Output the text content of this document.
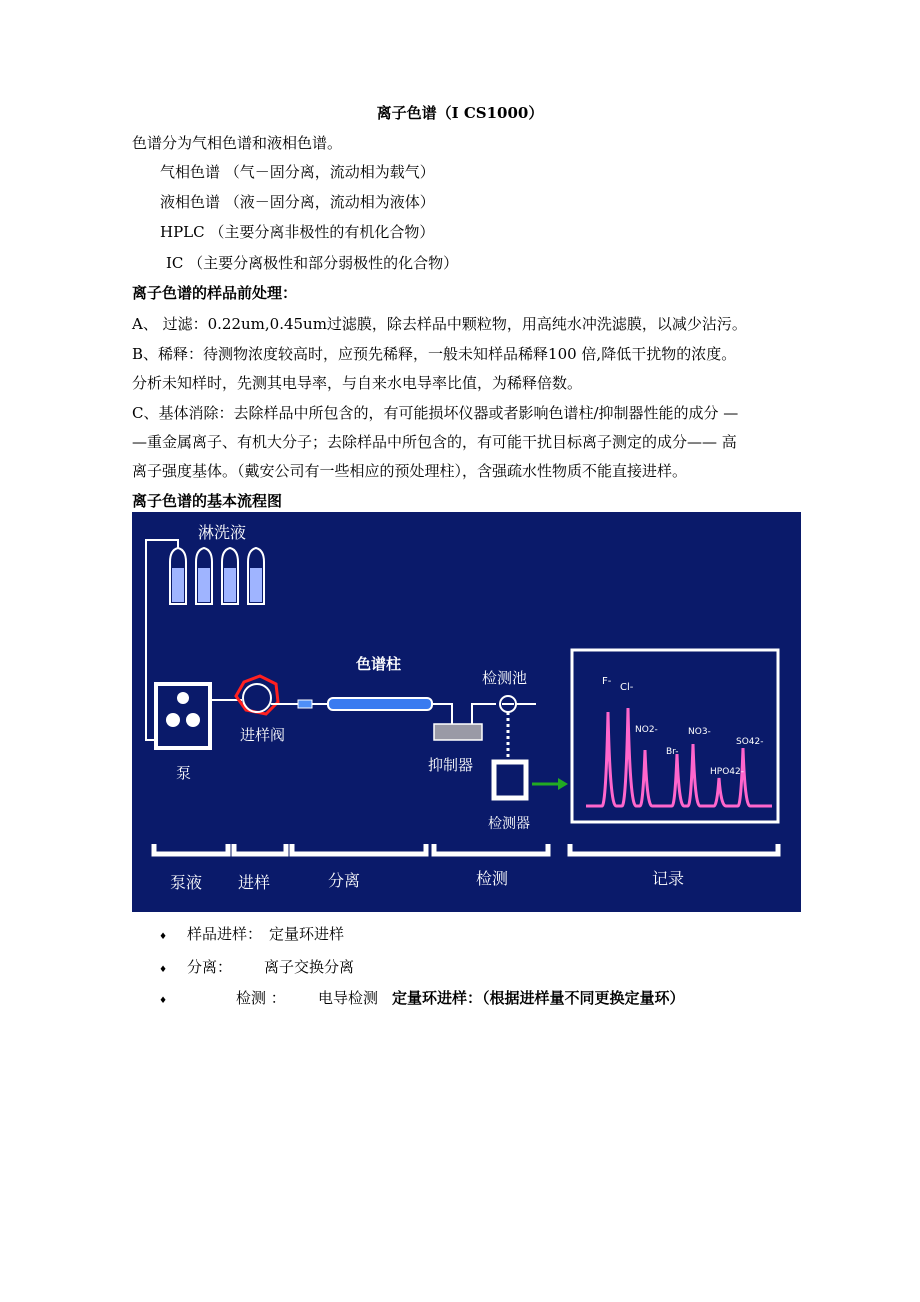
离子色谱（I CS1000）
色谱分为气相色谱和液相色谱。
气相色谱 （气－固分离，流动相为载气）
液相色谱 （液－固分离，流动相为液体）
HPLC （主要分离非极性的有机化合物）
IC （主要分离极性和部分弱极性的化合物）
离子色谱的样品前处理：
A、 过滤：0.22um,0.45um过滤膜，除去样品中颗粒物，用高纯水冲洗滤膜，以减少沾污。
B、稀释：待测物浓度较高时，应预先稀释，一般未知样品稀释100 倍,降低干扰物的浓度。
分析未知样时，先测其电导率，与自来水电导率比值，为稀释倍数。
C、基体消除：去除样品中所包含的，有可能损坏仪器或者影响色谱柱/抑制器性能的成分 —
—重金属离子、有机大分子；去除样品中所包含的，有可能干扰目标离子测定的成分—— 高
离子强度基体。（戴安公司有一些相应的预处理柱），含强疏水性物质不能直接进样。
离子色谱的基本流程图
淋洗液
泵
进样阀
色谱柱
抑制器
检测池
检测器
F-
Cl-
NO2-
Br-
NO3-
HPO42-
SO42-
泵液 进样	分离	检测	记录
♦ 样品进样： 定量环进样
♦ 分离： 离子交换分离
♦	检测 ： 电导检测 定量环进样：（根据进样量不同更换定量环）
